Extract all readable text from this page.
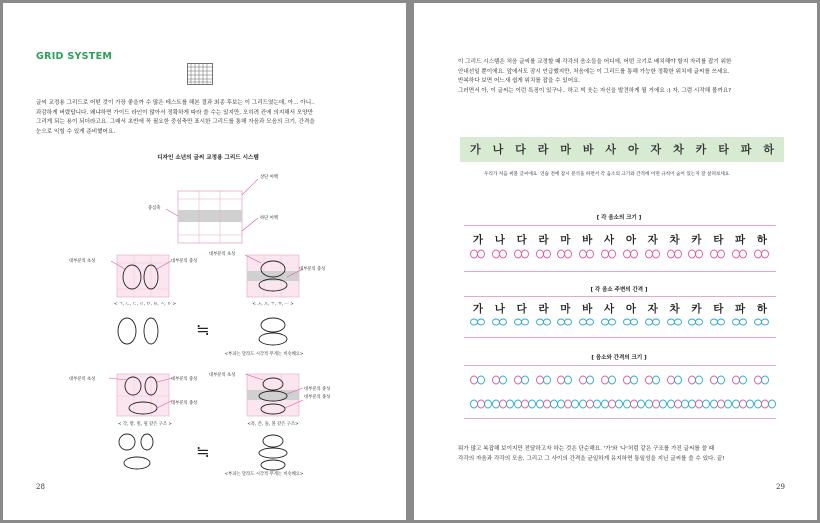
GRID SYSTEM
글씨 교정용 그리드로 어떤 것이 가장 좋을까 수 많은 테스트를 해본 결과 최종 후보는 이 그리드였는데, 아... 아니..
과감하게 버렸답니다. 왜냐하면 가이드 라인이 많아서 정확하게 따라 쓸 수는 있지만, 오히려 칸에 의지해서 모양만
그리게 되는 용이 되더라고요. 그래서 초반에 꼭 필요한 중심축만 표시한 그리드를 통해 자음과 모음의 크기, 간격을
눈으로 익힐 수 있게 준비했어요.
디자인 소년의 글씨 교정용 그리드 시스템
상단 여백
중심축
하단 여백
대부분의 초성	대부분의 중성
< ㄱ, ㄴ, ㄷ, ㄹ, ㅁ, ㅂ, ㅅ, ㅇ >
대부분의 초성
대부분의 중성
< ㅗ, ㅛ, ㅜ, ㅠ, ㅡ >
≒
<부피는 달라도 시각적 무게는 비슷해요>
대부분의 초성	대부분의 중성
대부분의 종성
< 각, 받, 빛, 될 같은 구조 >
대부분의 초성
대부분의 중성
대부분의 종성
<폭, 쓴, 돌, 볼 같은 구조>
≒
<부피는 달라도 시각적 무게는 비슷해요>
28
이 그리드 시스템은 처음 글씨를 교정할 때 각각의 음소들을 어디에, 어떤 크기로 배치해야 할지 자리를 잡기 위한
안내선일 뿐이에요. 앞에서도 잠시 언급했지만, 처음에는 이 그리드를 통해 가능한 정확한 위치에 글씨를 쓰세요.
반복하다 보면 어느새 쉽게 위치를 잡을 수 있어요.
그러면서 아, 이 글씨는 이런 특징이 있구나.. 하고 빅 웃는 자신을 발견하게 될 거에요 :) 자, 그럼 시작해 볼까요?
가 나 다 라 마 바 사 아 자 차 카 타 파 하
우리가 처음 써볼 글씨에요. 연습 전에 잠시 분석을 하면서 각 음소의 크기와 간격에 어떤 규칙이 숨어 있는지 잘 살펴보세요
[ 각 음소의 크기 ]
가	나	다	라	마	바	사	아	자	차	카	타	파	하
[ 각 음소 주변의 간격 ]
가	나	다	라	마	바	사	아	자	차	카	타	파	하
[ 음소와 간격의 크기 ]
뭐가 많고 복잡해 보이지만 전달하고자 하는 것은 단순해요. '가'와 '나'처럼 같은 구조를 가진 글씨를 쓸 때
각각의 자음과 각각의 모음, 그리고 그 사이의 간격을 균일하게 유지하면 통일성을 지닌 글씨를 쓸 수 있다. 끝!
29
